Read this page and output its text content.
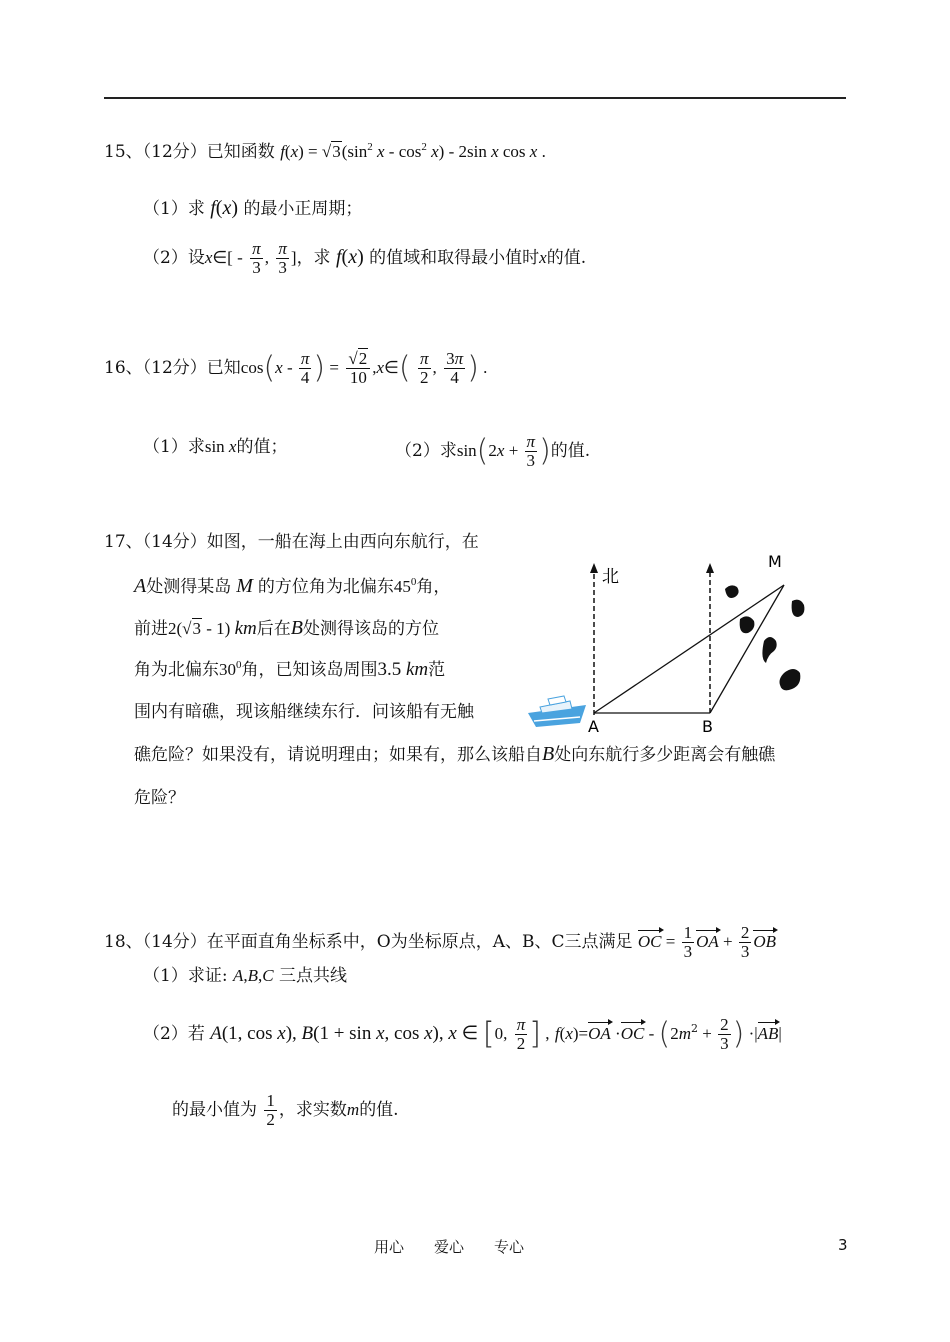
15、（12分）已知函数 $f(x) = √3(\sin^2$ x - $\cos^2 x) - 2\sin$ x cos x .
（1）求 f(x) 的最小正周期；
（2）设x∈[ - $\frac{\pi}{3}$ , $\frac{\pi}{3}$ ]，求 f(x) 的值域和取得最小值时x的值.
16、（12分）已知$\cos(x - \frac{\pi}{4}$ ) = $\frac{√2}{10}$ ,x∈( $\frac{\pi}{2}$ , $\frac{3\pi}{4}$ ) .
（1）求sin x的值；	（2）求$\sin(2x + \frac{\pi}{3}$ )的值.
17、（14分）如图，一船在海上由西向东航行，在
A处测得某岛 M 的方位角为北偏东$45^0$角，
前进2(√3 - 1) km后在B处测得该岛的方位
角为北偏东$30^0$角，已知该岛周围3.5 km范
围内有暗礁，现该船继续东行．问该船有无触
礁危险？如果没有，请说明理由；如果有，那么该船自B处向东航行多少距离会有触礁
危险？
北
M
A	B
18、（14分）在平面直角坐标系中，O为坐标原点，A、B、C三点满足 OC = $\frac{1}{3}$ OA + $\frac{2}{3}$ OB
（1）求证: A,B,C 三点共线
（2）若 A(1, cos x), B(1 + sin x, cos x), x ∈ [0, $\frac{\pi}{2}$ ] , $f(x)=OA \cdot OC - (2m^2 + \frac{2}{3}$ ) ·|AB|
的最小值为 $\frac{1}{2}$ ，求实数m的值.
用心　　爱心　　专心	3
